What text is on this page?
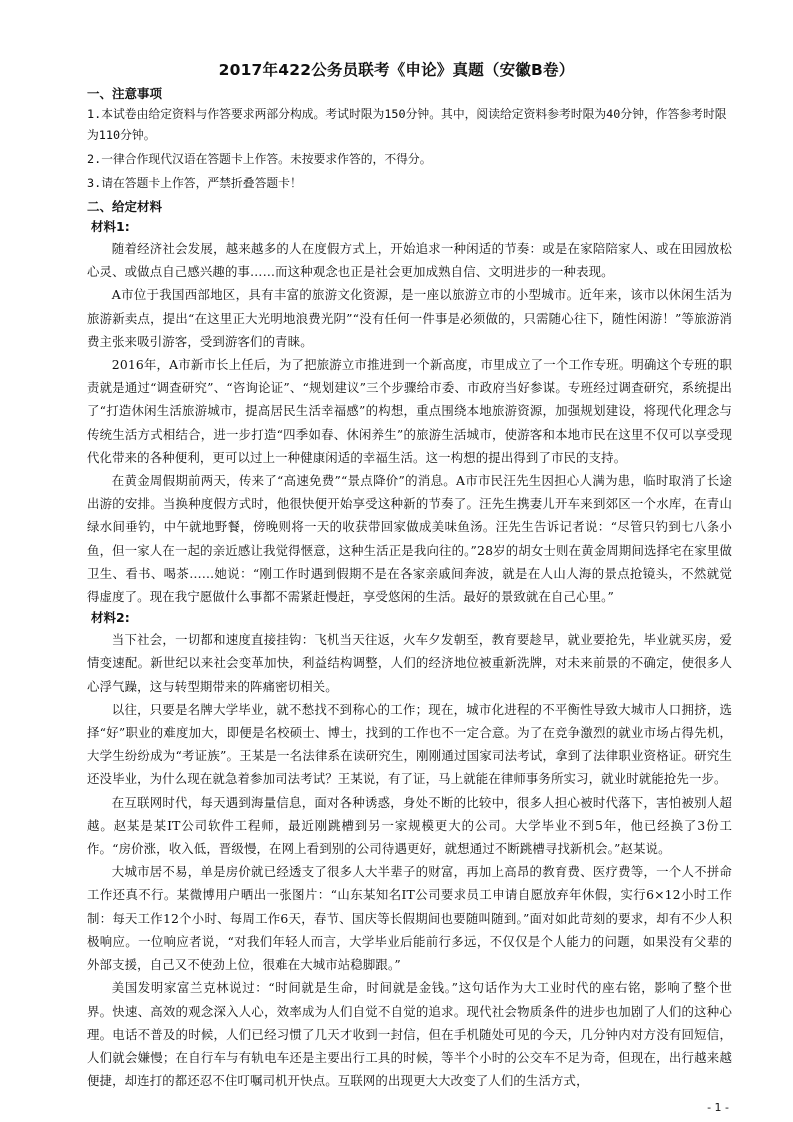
2017年422公务员联考《申论》真题（安徽B卷）

一、注意事项

1.本试卷由给定资料与作答要求两部分构成。考试时限为150分钟。其中，阅读给定资料参考时限为40分钟，作答参考时限为110分钟。

2.一律合作现代汉语在答题卡上作答。未按要求作答的，不得分。

3.请在答题卡上作答，严禁折叠答题卡！

二、给定材料

材料1:

随着经济社会发展，越来越多的人在度假方式上，开始追求一种闲适的节奏：或是在家陪陪家人、或在田园放松心灵、或做点自己感兴趣的事……而这种观念也正是社会更加成熟自信、文明进步的一种表现。

A市位于我国西部地区，具有丰富的旅游文化资源，是一座以旅游立市的小型城市。近年来，该市以休闲生活为旅游新卖点，提出“在这里正大光明地浪费光阴”“没有任何一件事是必须做的，只需随心往下，随性闲游！”等旅游消费主张来吸引游客，受到游客们的青睐。

2016年，A市新市长上任后，为了把旅游立市推进到一个新高度，市里成立了一个工作专班。明确这个专班的职责就是通过“调查研究”、“咨询论证”、“规划建议”三个步骤给市委、市政府当好参谋。专班经过调查研究，系统提出了“打造休闲生活旅游城市，提高居民生活幸福感”的构想，重点围绕本地旅游资源，加强规划建设，将现代化理念与传统生活方式相结合，进一步打造“四季如春、休闲养生”的旅游生活城市，使游客和本地市民在这里不仅可以享受现代化带来的各种便利，更可以过上一种健康闲适的幸福生活。这一构想的提出得到了市民的支持。

在黄金周假期前两天，传来了“高速免费”“景点降价”的消息。A市市民汪先生因担心人满为患，临时取消了长途出游的安排。当换种度假方式时，他很快便开始享受这种新的节奏了。汪先生携妻儿开车来到郊区一个水库，在青山绿水间垂钓，中午就地野餐，傍晚则将一天的收获带回家做成美味鱼汤。汪先生告诉记者说：“尽管只钓到七八条小鱼，但一家人在一起的亲近感让我觉得惬意，这种生活正是我向往的。”28岁的胡女士则在黄金周期间选择宅在家里做卫生、看书、喝茶……她说：“刚工作时遇到假期不是在各家亲戚间奔波，就是在人山人海的景点抢镜头，不然就觉得虚度了。现在我宁愿做什么事都不需紧赶慢赶，享受悠闲的生活。最好的景致就在自己心里。”

材料2:

当下社会，一切都和速度直接挂钩：飞机当天往返，火车夕发朝至，教育要趁早，就业要抢先，毕业就买房，爱情变速配。新世纪以来社会变革加快，利益结构调整，人们的经济地位被重新洗牌，对未来前景的不确定，使很多人心浮气躁，这与转型期带来的阵痛密切相关。

以往，只要是名牌大学毕业，就不愁找不到称心的工作；现在，城市化进程的不平衡性导致大城市人口拥挤，选择“好”职业的难度加大，即便是名校硕士、博士，找到的工作也不一定合意。为了在竞争激烈的就业市场占得先机，大学生纷纷成为“考证族”。王某是一名法律系在读研究生，刚刚通过国家司法考试，拿到了法律职业资格证。研究生还没毕业，为什么现在就急着参加司法考试？王某说，有了证，马上就能在律师事务所实习，就业时就能抢先一步。

在互联网时代，每天遇到海量信息，面对各种诱惑，身处不断的比较中，很多人担心被时代落下，害怕被别人超越。赵某是某IT公司软件工程师，最近刚跳槽到另一家规模更大的公司。大学毕业不到5年，他已经换了3份工作。“房价涨，收入低，晋级慢，在网上看到别的公司待遇更好，就想通过不断跳槽寻找新机会。”赵某说。

大城市居不易，单是房价就已经透支了很多人大半辈子的财富，再加上高昂的教育费、医疗费等，一个人不拼命工作还真不行。某微博用户晒出一张图片：“山东某知名IT公司要求员工申请自愿放弃年休假，实行6×12小时工作制：每天工作12个小时、每周工作6天，春节、国庆等长假期间也要随叫随到。”面对如此苛刻的要求，却有不少人积极响应。一位响应者说，“对我们年轻人而言，大学毕业后能前行多远，不仅仅是个人能力的问题，如果没有父辈的外部支援，自己又不使劲上位，很难在大城市站稳脚跟。”

美国发明家富兰克林说过：“时间就是生命，时间就是金钱。”这句话作为大工业时代的座右铭，影响了整个世界。快速、高效的观念深入人心，效率成为人们自觉不自觉的追求。现代社会物质条件的进步也加剧了人们的这种心理。电话不普及的时候，人们已经习惯了几天才收到一封信，但在手机随处可见的今天，几分钟内对方没有回短信，人们就会嫌慢；在自行车与有轨电车还是主要出行工具的时候，等半个小时的公交车不足为奇，但现在，出行越来越便捷，却连打的都还忍不住叮嘱司机开快点。互联网的出现更大大改变了人们的生活方式，

- 1 -
